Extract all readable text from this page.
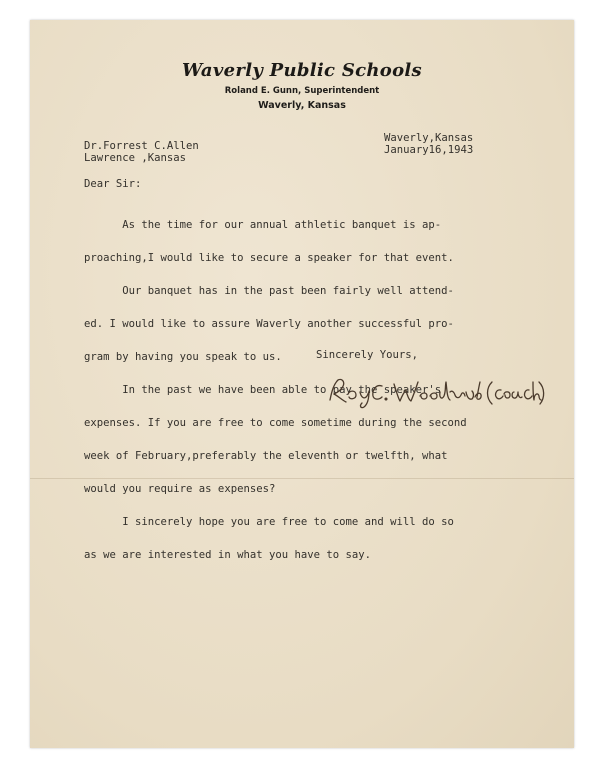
Waverly Public Schools
Roland E. Gunn, Superintendent
Waverly, Kansas
Waverly,Kansas
January16,1943
Dr.Forrest C.Allen
Lawrence ,Kansas
Dear Sir:

As the time for our annual athletic banquet is ap-

proaching,I would like to secure a speaker for that event.

Our banquet has in the past been fairly well attend-

ed. I would like to assure Waverly another successful pro-

gram by having you speak to us.

In the past we have been able to pay the speaker's

expenses. If you are free to come sometime during the second

week of February,preferably the eleventh or twelfth, what

would you require as expenses?

I sincerely hope you are free to come and will do so

as we are interested in what you have to say.

Sincerely Yours,
